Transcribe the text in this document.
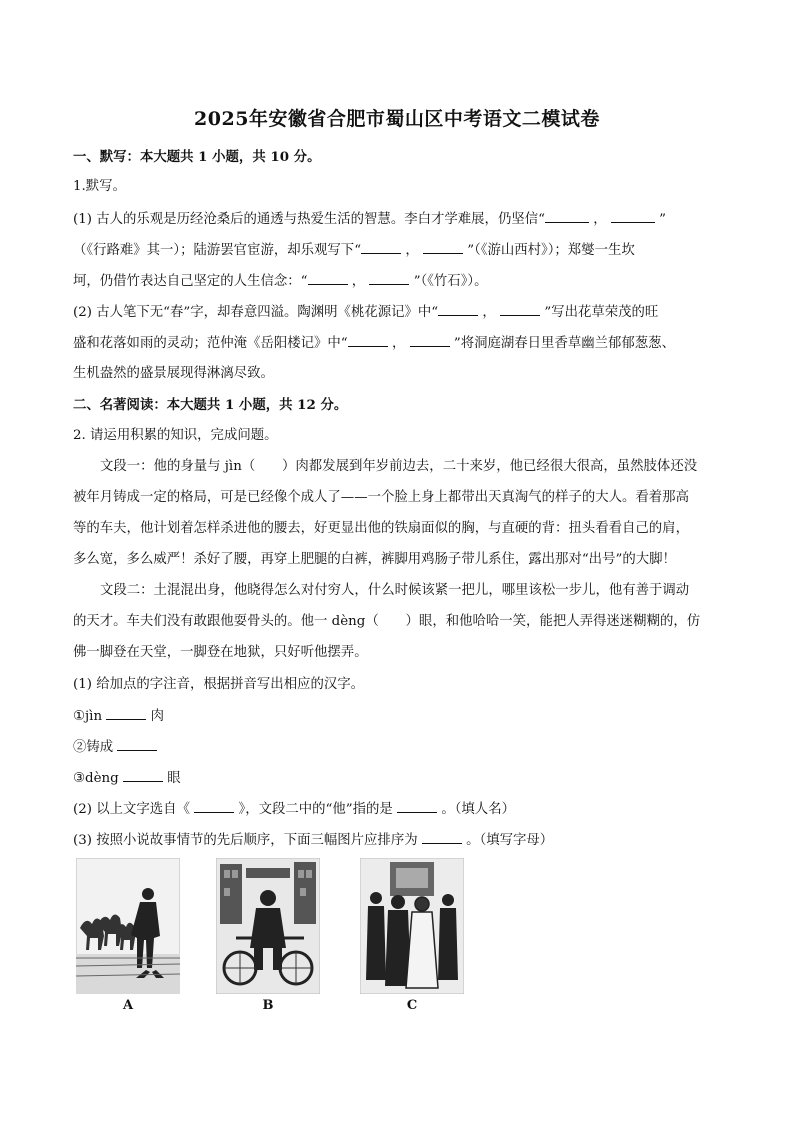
2025年安徽省合肥市蜀山区中考语文二模试卷
一、默写：本大题共 1 小题，共 10 分。
1.默写。
(1) 古人的乐观是历经沧桑后的通透与热爱生活的智慧。李白才学难展，仍坚信“	，	”
（《行路难》其一）；陆游罢官宦游，却乐观写下“	，	”（《游山西村》）；郑燮一生坎
坷，仍借竹表达自己坚定的人生信念：“	，	”（《竹石》）。
(2) 古人笔下无“春”字，却春意四溢。陶渊明《桃花源记》中“	，	”写出花草荣茂的旺
盛和花落如雨的灵动；范仲淹《岳阳楼记》中“	，	”将洞庭湖春日里香草幽兰郁郁葱葱、
生机盎然的盛景展现得淋漓尽致。
二、名著阅读：本大题共 1 小题，共 12 分。
2. 请运用积累的知识，完成问题。
文段一：他的身量与 jìn（　　）肉都发展到年岁前边去，二十来岁，他已经很大很高，虽然肢体还没
被年月铸成一定的格局，可是已经像个成人了——一个脸上身上都带出天真淘气的样子的大人。看着那高
等的车夫，他计划着怎样杀进他的腰去，好更显出他的铁扇面似的胸，与直硬的背：扭头看看自己的肩，
多么宽，多么威严！杀好了腰，再穿上肥腿的白裤，裤脚用鸡肠子带儿系住，露出那对“出号”的大脚！
文段二：土混混出身，他晓得怎么对付穷人，什么时候该紧一把儿，哪里该松一步儿，他有善于调动
的天才。车夫们没有敢跟他耍骨头的。他一 dèng（　　）眼，和他哈哈一笑，能把人弄得迷迷糊糊的，仿
佛一脚登在天堂，一脚登在地狱，只好听他摆弄。
(1) 给加点的字注音，根据拼音写出相应的汉字。
①jìn	肉
②铸成
③dèng	眼
(2) 以上文字选自《	》，文段二中的“他”指的是	。（填人名）
(3) 按照小说故事情节的先后顺序，下面三幅图片应排序为	。（填写字母）
A	B	C
